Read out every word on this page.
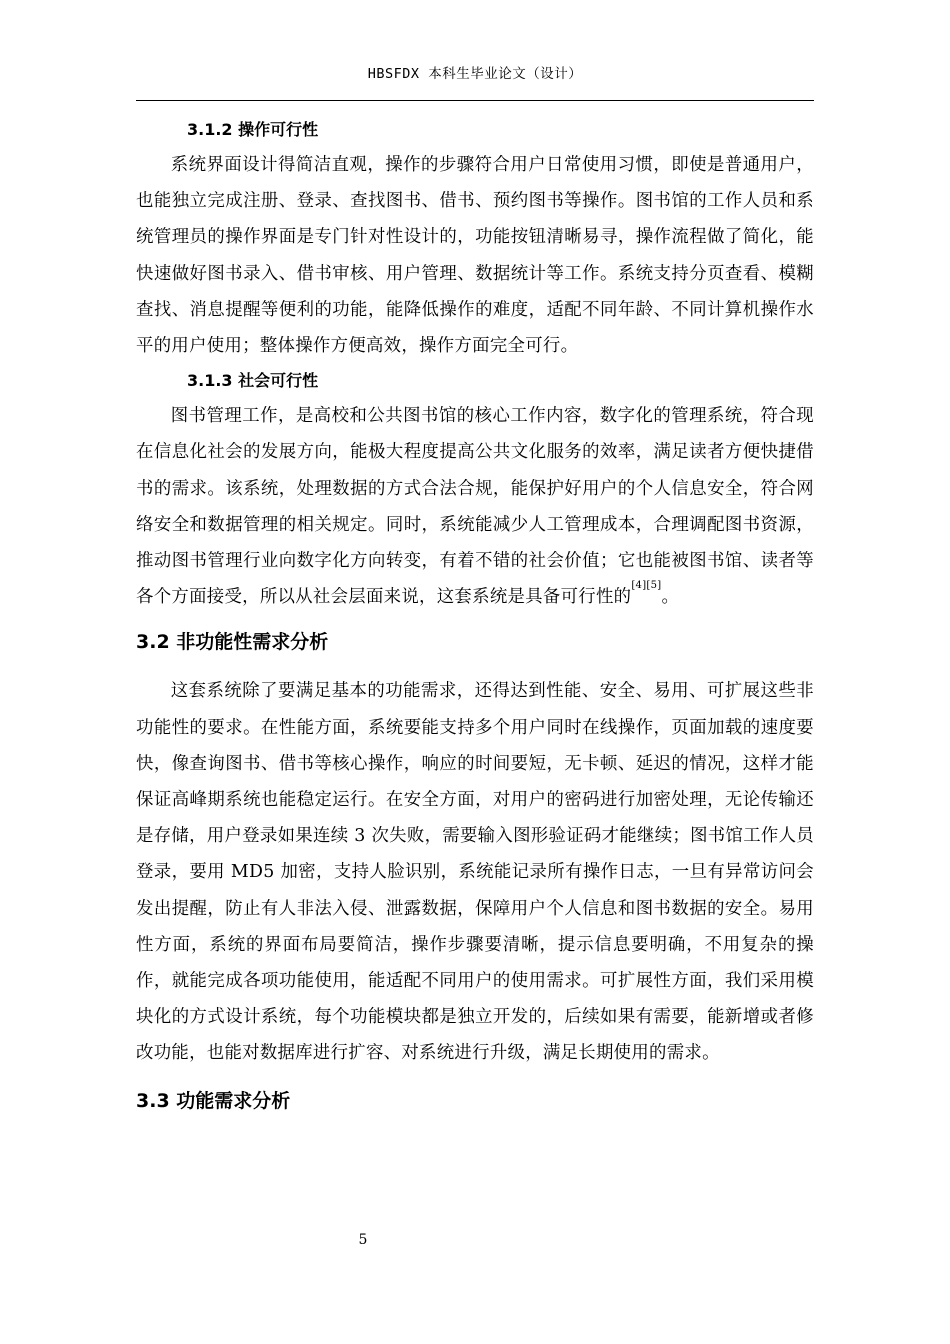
HBSFDX 本科生毕业论文（设计）
3.1.2 操作可行性

系统界面设计得简洁直观，操作的步骤符合用户日常使用习惯，即使是普通用户，也能独立完成注册、登录、查找图书、借书、预约图书等操作。图书馆的工作人员和系统管理员的操作界面是专门针对性设计的，功能按钮清晰易寻，操作流程做了简化，能快速做好图书录入、借书审核、用户管理、数据统计等工作。系统支持分页查看、模糊查找、消息提醒等便利的功能，能降低操作的难度，适配不同年龄、不同计算机操作水平的用户使用；整体操作方便高效，操作方面完全可行。

3.1.3 社会可行性

图书管理工作，是高校和公共图书馆的核心工作内容，数字化的管理系统，符合现在信息化社会的发展方向，能极大程度提高公共文化服务的效率，满足读者方便快捷借书的需求。该系统，处理数据的方式合法合规，能保护好用户的个人信息安全，符合网络安全和数据管理的相关规定。同时，系统能减少人工管理成本，合理调配图书资源，推动图书管理行业向数字化方向转变，有着不错的社会价值；它也能被图书馆、读者等各个方面接受，所以从社会层面来说，这套系统是具备可行性的[4][5]。

3.2 非功能性需求分析

这套系统除了要满足基本的功能需求，还得达到性能、安全、易用、可扩展这些非功能性的要求。在性能方面，系统要能支持多个用户同时在线操作，页面加载的速度要快，像查询图书、借书等核心操作，响应的时间要短，无卡顿、延迟的情况，这样才能保证高峰期系统也能稳定运行。在安全方面，对用户的密码进行加密处理，无论传输还是存储，用户登录如果连续 3 次失败，需要输入图形验证码才能继续；图书馆工作人员登录，要用 MD5 加密，支持人脸识别，系统能记录所有操作日志，一旦有异常访问会发出提醒，防止有人非法入侵、泄露数据，保障用户个人信息和图书数据的安全。易用性方面，系统的界面布局要简洁，操作步骤要清晰，提示信息要明确，不用复杂的操作，就能完成各项功能使用，能适配不同用户的使用需求。可扩展性方面，我们采用模块化的方式设计系统，每个功能模块都是独立开发的，后续如果有需要，能新增或者修改功能，也能对数据库进行扩容、对系统进行升级，满足长期使用的需求。

3.3 功能需求分析
5
